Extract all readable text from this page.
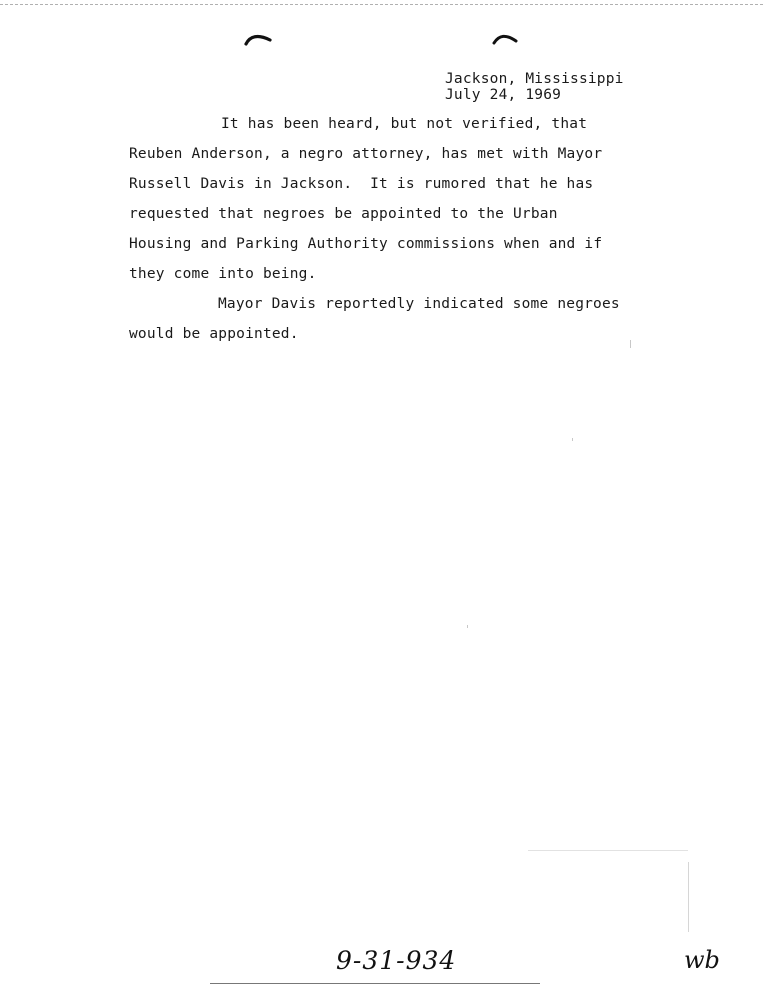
Jackson, Mississippi
July 24, 1969
It has been heard, but not verified, that
Reuben Anderson, a negro attorney, has met with Mayor
Russell Davis in Jackson.  It is rumored that he has
requested that negroes be appointed to the Urban
Housing and Parking Authority commissions when and if
they come into being.
Mayor Davis reportedly indicated some negroes
would be appointed.
9-31-934	wb
